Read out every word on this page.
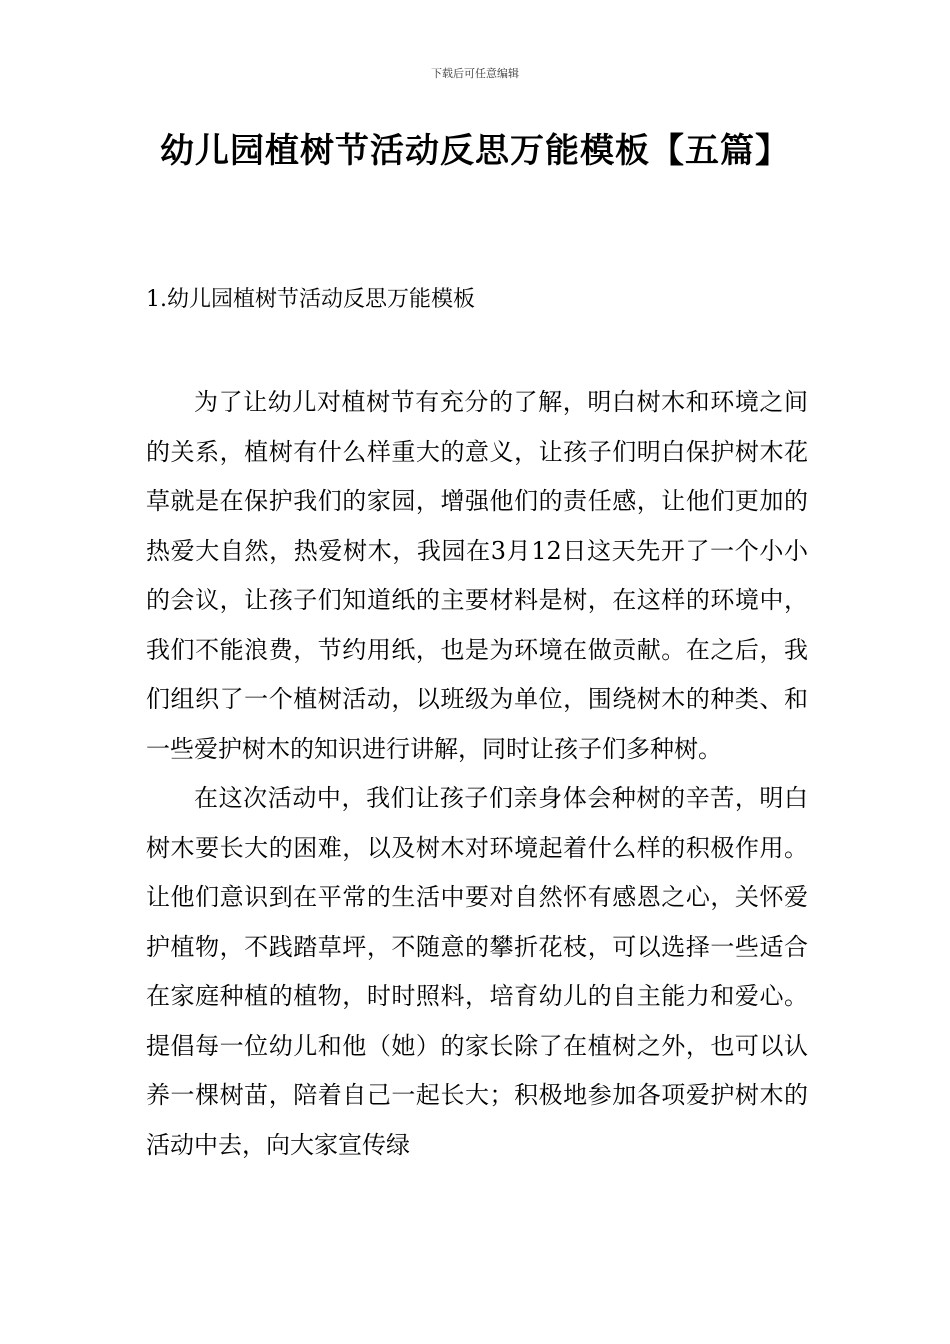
下载后可任意编辑
幼儿园植树节活动反思万能模板【五篇】
1.幼儿园植树节活动反思万能模板

为了让幼儿对植树节有充分的了解，明白树木和环境之间的关系，植树有什么样重大的意义，让孩子们明白保护树木花草就是在保护我们的家园，增强他们的责任感，让他们更加的热爱大自然，热爱树木，我园在3月12日这天先开了一个小小的会议，让孩子们知道纸的主要材料是树，在这样的环境中，我们不能浪费，节约用纸，也是为环境在做贡献。在之后，我们组织了一个植树活动，以班级为单位，围绕树木的种类、和一些爱护树木的知识进行讲解，同时让孩子们多种树。

在这次活动中，我们让孩子们亲身体会种树的辛苦，明白树木要长大的困难，以及树木对环境起着什么样的积极作用。让他们意识到在平常的生活中要对自然怀有感恩之心，关怀爱护植物，不践踏草坪，不随意的攀折花枝，可以选择一些适合在家庭种植的植物，时时照料，培育幼儿的自主能力和爱心。提倡每一位幼儿和他（她）的家长除了在植树之外，也可以认养一棵树苗，陪着自己一起长大；积极地参加各项爱护树木的活动中去，向大家宣传绿
